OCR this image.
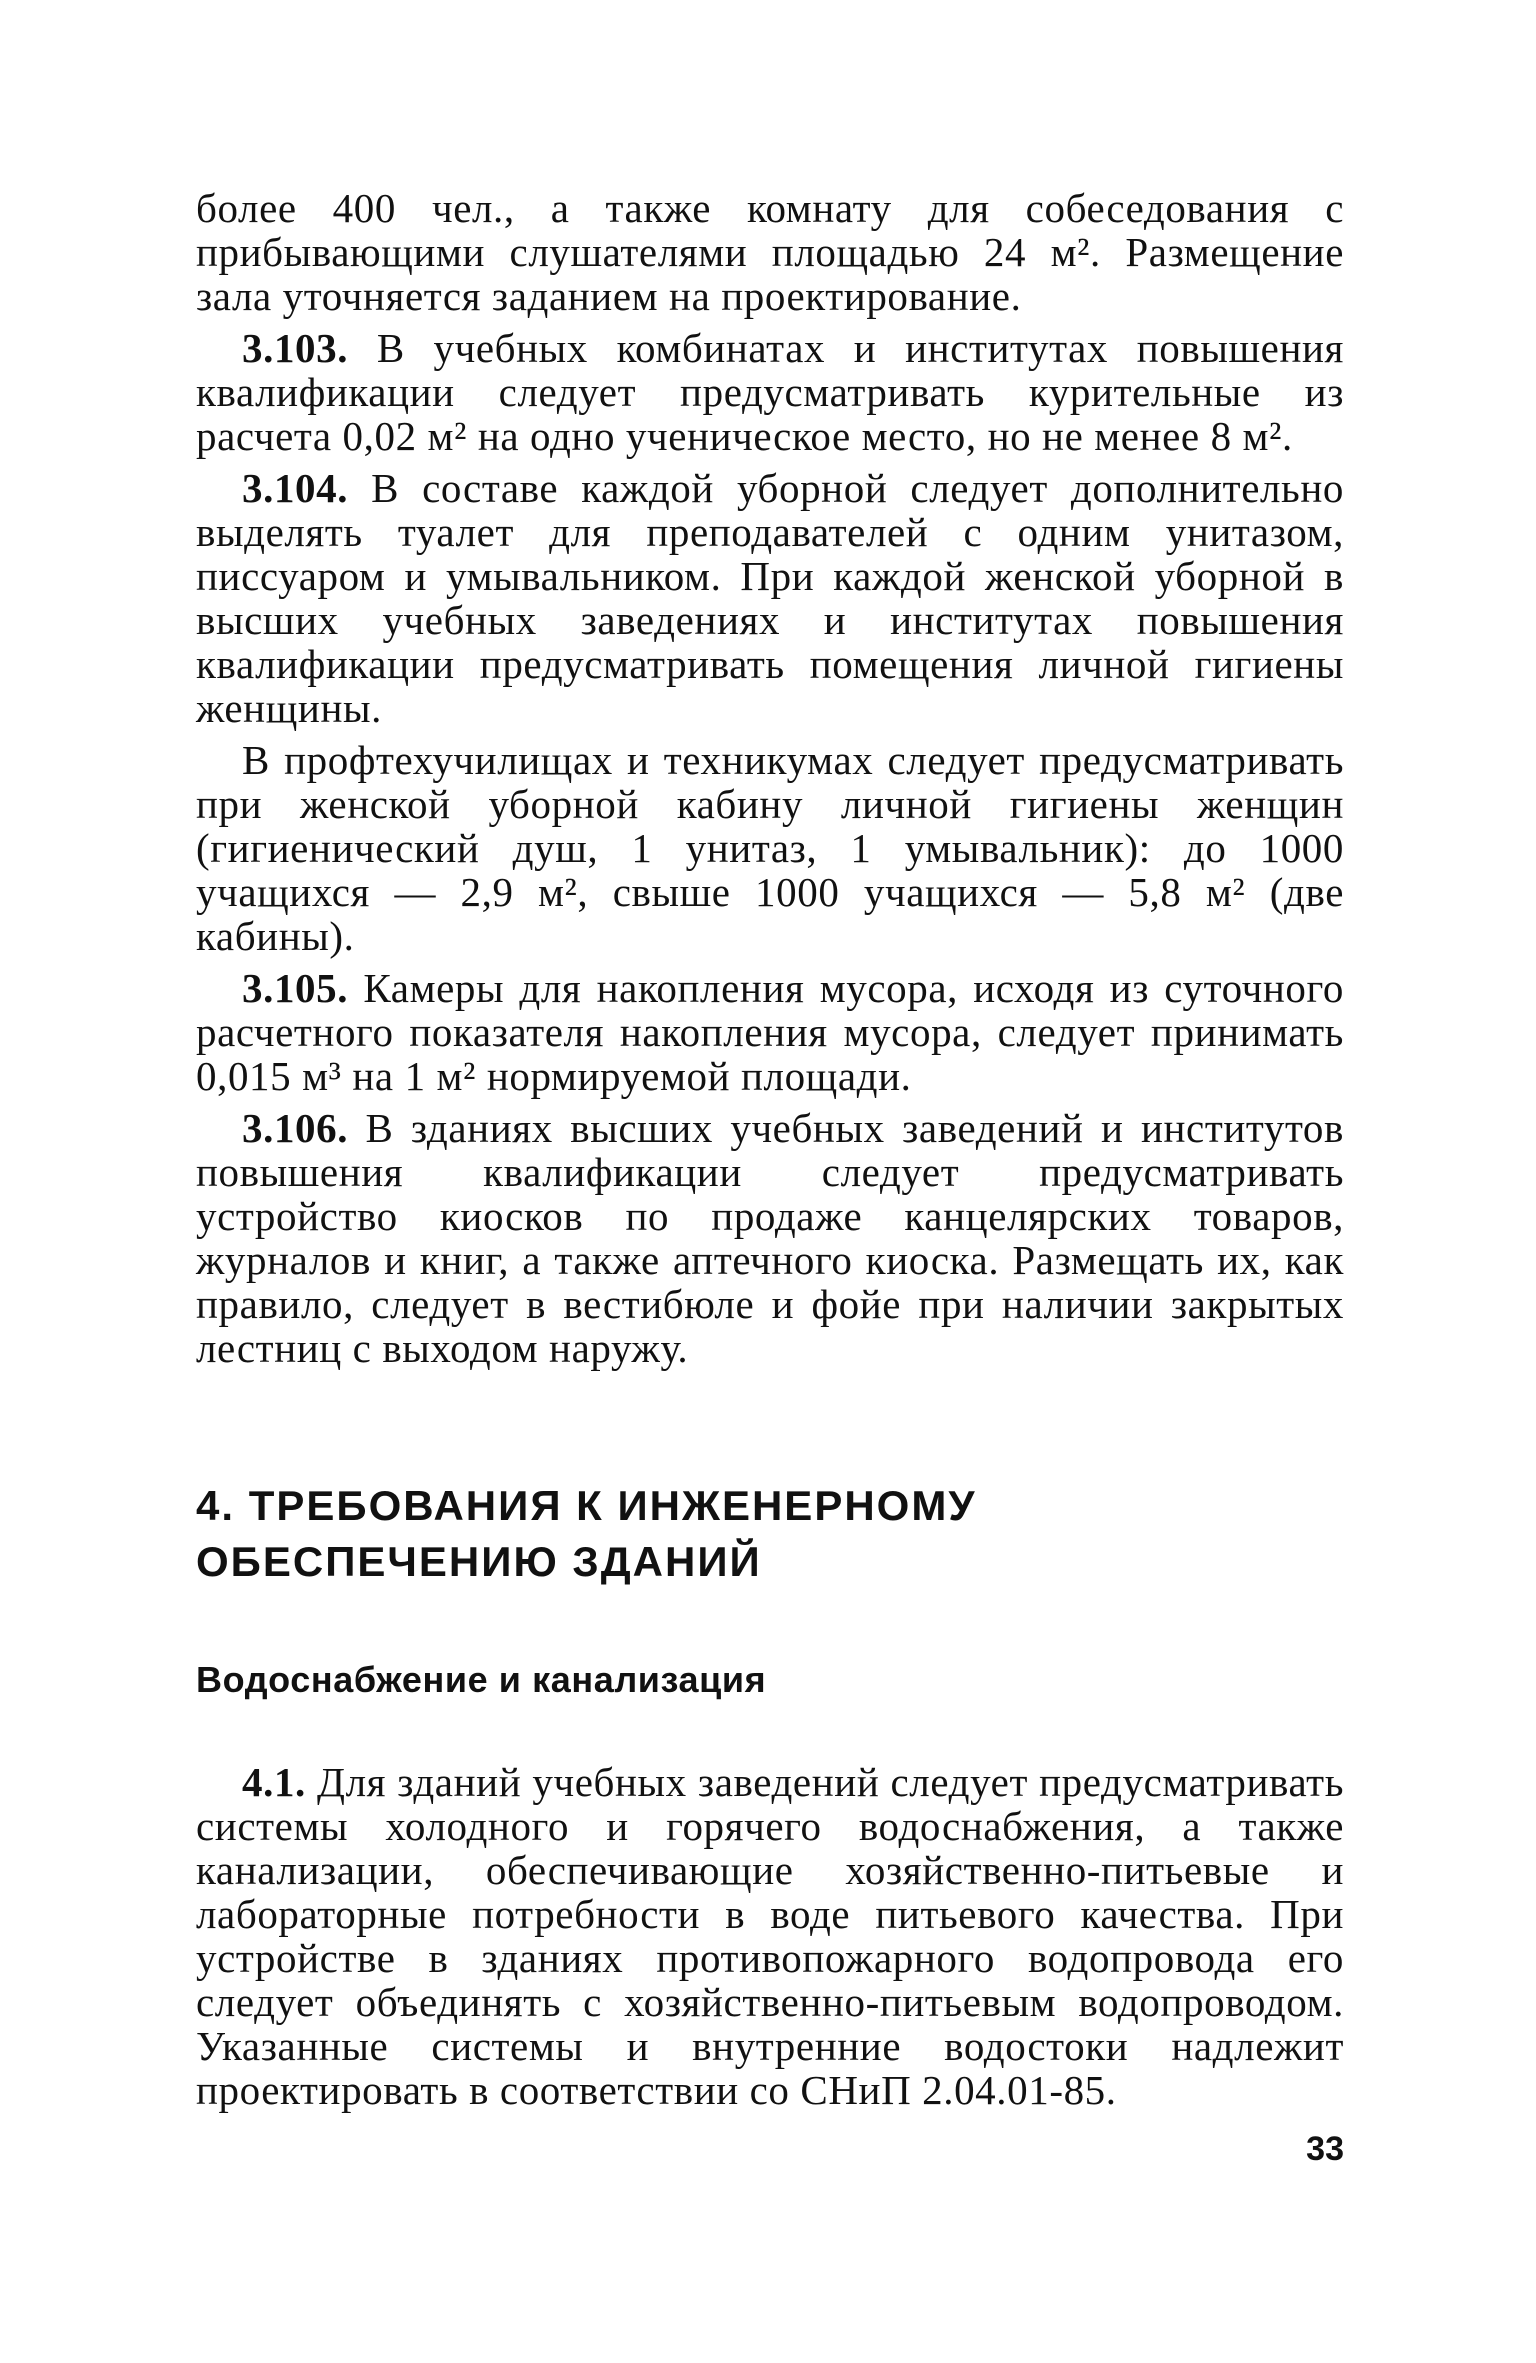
более 400 чел., а также комнату для собеседования с прибывающими слушателями площадью 24 м². Размещение зала уточняется заданием на проектирование.

3.103. В учебных комбинатах и институтах повышения квалификации следует предусматривать курительные из расчета 0,02 м² на одно ученическое место, но не менее 8 м².

3.104. В составе каждой уборной следует дополнительно выделять туалет для преподавателей с одним унитазом, писсуаром и умывальником. При каждой женской уборной в высших учебных заведениях и институтах повышения квалификации предусматривать помещения личной гигиены женщины.

В профтехучилищах и техникумах следует предусматривать при женской уборной кабину личной гигиены женщин (гигиенический душ, 1 унитаз, 1 умывальник): до 1000 учащихся — 2,9 м², свыше 1000 учащихся — 5,8 м² (две кабины).

3.105. Камеры для накопления мусора, исходя из суточного расчетного показателя накопления мусора, следует принимать 0,015 м³ на 1 м² нормируемой площади.

3.106. В зданиях высших учебных заведений и институтов повышения квалификации следует предусматривать устройство киосков по продаже канцелярских товаров, журналов и книг, а также аптечного киоска. Размещать их, как правило, следует в вестибюле и фойе при наличии закрытых лестниц с выходом наружу.

4. ТРЕБОВАНИЯ К ИНЖЕНЕРНОМУ
ОБЕСПЕЧЕНИЮ ЗДАНИЙ
Водоснабжение и канализация

4.1. Для зданий учебных заведений следует предусматривать системы холодного и горячего водоснабжения, а также канализации, обеспечивающие хозяйственно-питьевые и лабораторные потребности в воде питьевого качества. При устройстве в зданиях противопожарного водопровода его следует объединять с хозяйственно-питьевым водопроводом. Указанные системы и внутренние водостоки надлежит проектировать в соответствии со СНиП 2.04.01-85.

33
